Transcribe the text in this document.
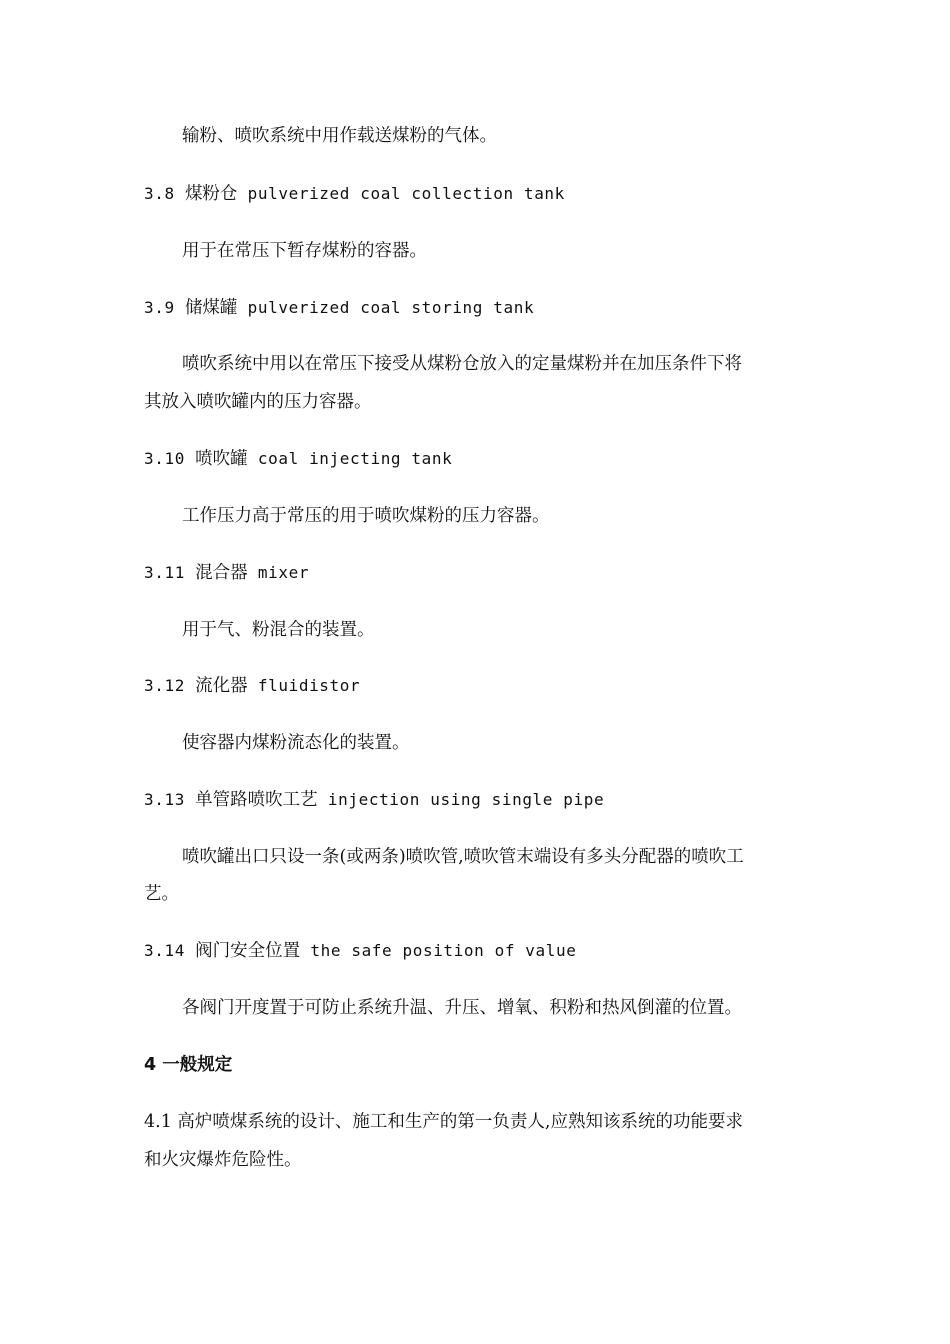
输粉、喷吹系统中用作载送煤粉的气体。
3.8 煤粉仓 pulverized coal collection tank
用于在常压下暂存煤粉的容器。
3.9 储煤罐 pulverized coal storing tank
喷吹系统中用以在常压下接受从煤粉仓放入的定量煤粉并在加压条件下将
其放入喷吹罐内的压力容器。
3.10 喷吹罐 coal injecting tank
工作压力高于常压的用于喷吹煤粉的压力容器。
3.11 混合器 mixer
用于气、粉混合的装置。
3.12 流化器 fluidistor
使容器内煤粉流态化的装置。
3.13 单管路喷吹工艺 injection using single pipe
喷吹罐出口只设一条(或两条)喷吹管,喷吹管末端设有多头分配器的喷吹工
艺。
3.14 阀门安全位置 the safe position of value
各阀门开度置于可防止系统升温、升压、增氧、积粉和热风倒灌的位置。
4 一般规定
4.1 高炉喷煤系统的设计、施工和生产的第一负责人,应熟知该系统的功能要求
和火灾爆炸危险性。
